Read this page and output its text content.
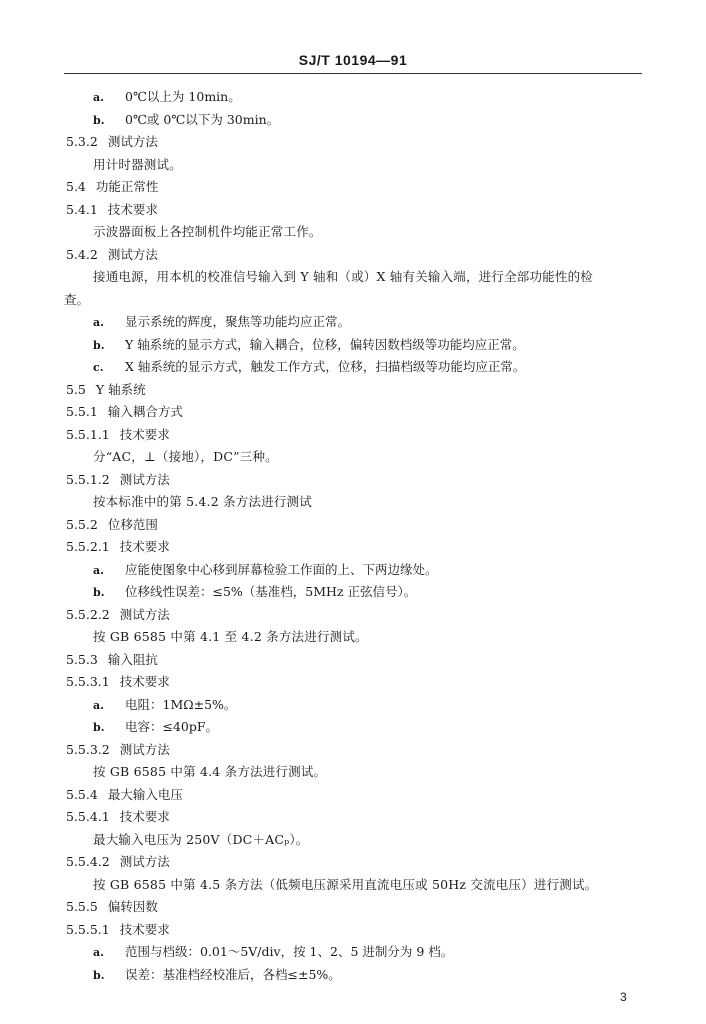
SJ/T 10194—91
a. 0℃以上为 10min。
b. 0℃或 0℃以下为 30min。
5.3.2 测试方法
用计时器测试。
5.4 功能正常性
5.4.1 技术要求
示波器面板上各控制机件均能正常工作。
5.4.2 测试方法
接通电源，用本机的校准信号输入到 Y 轴和（或）X 轴有关输入端，进行全部功能性的检
查。
a. 显示系统的辉度，聚焦等功能均应正常。
b. Y 轴系统的显示方式，输入耦合，位移，偏转因数档级等功能均应正常。
c. X 轴系统的显示方式，触发工作方式，位移，扫描档级等功能均应正常。
5.5 Y 轴系统
5.5.1 输入耦合方式
5.5.1.1 技术要求
分“AC，⊥（接地），DC”三种。
5.5.1.2 测试方法
按本标准中的第 5.4.2 条方法进行测试
5.5.2 位移范围
5.5.2.1 技术要求
a. 应能使图象中心移到屏幕检验工作面的上、下两边缘处。
b. 位移线性误差：≤5%（基准档，5MHz 正弦信号）。
5.5.2.2 测试方法
按 GB 6585 中第 4.1 至 4.2 条方法进行测试。
5.5.3 输入阻抗
5.5.3.1 技术要求
a. 电阻：1MΩ±5%。
b. 电容：≤40pF。
5.5.3.2 测试方法
按 GB 6585 中第 4.4 条方法进行测试。
5.5.4 最大输入电压
5.5.4.1 技术要求
最大输入电压为 250V（DC＋ACₚ）。
5.5.4.2 测试方法
按 GB 6585 中第 4.5 条方法（低频电压源采用直流电压或 50Hz 交流电压）进行测试。
5.5.5 偏转因数
5.5.5.1 技术要求
a. 范围与档级：0.01～5V/div，按 1、2、5 进制分为 9 档。
b. 误差：基准档经校准后，各档≤±5%。
3
